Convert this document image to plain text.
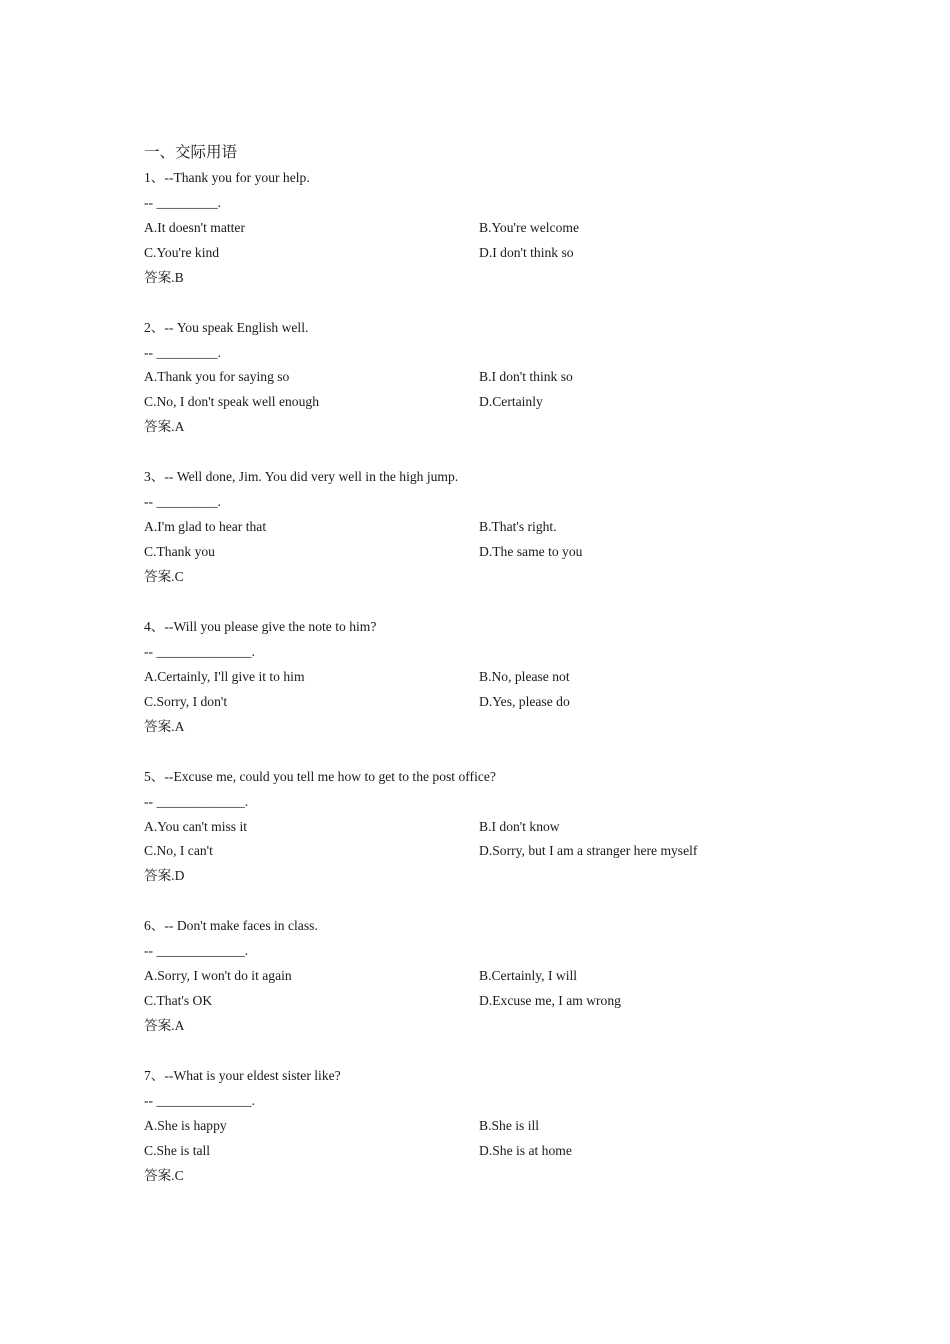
一、交际用语
1、--Thank you for your help.
-- _________.
A.It doesn't matter	B.You're welcome
C.You're kind	D.I don't think so
答案.B
2、-- You speak English well.
-- _________.
A.Thank you for saying so	B.I don't think so
C.No, I don't speak well enough	D.Certainly
答案.A
3、-- Well done, Jim. You did very well in the high jump.
-- _________.
A.I'm glad to hear that	B.That's right.
C.Thank you	D.The same to you
答案.C
4、--Will you please give the note to him?
-- ______________.
A.Certainly, I'll give it to him	B.No, please not
C.Sorry, I don't	D.Yes, please do
答案.A
5、--Excuse me, could you tell me how to get to the post office?
-- _____________.
A.You can't miss it	B.I don't know
C.No, I can't	D.Sorry, but I am a stranger here myself
答案.D
6、-- Don't make faces in class.
-- _____________.
A.Sorry, I won't do it again	B.Certainly, I will
C.That's OK	D.Excuse me, I am wrong
答案.A
7、--What is your eldest sister like?
-- ______________.
A.She is happy	B.She is ill
C.She is tall	D.She is at home
答案.C
